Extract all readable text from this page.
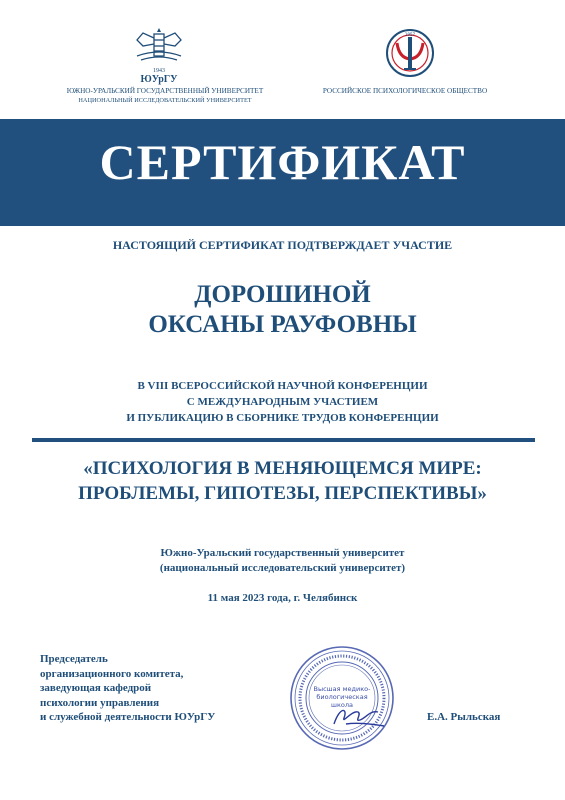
1943
ЮУрГУ
1957
ЮЖНО-УРАЛЬСКИЙ ГОСУДАРСТВЕННЫЙ УНИВЕРСИТЕТ
НАЦИОНАЛЬНЫЙ ИССЛЕДОВАТЕЛЬСКИЙ УНИВЕРСИТЕТ
РОССИЙСКОЕ ПСИХОЛОГИЧЕСКОЕ ОБЩЕСТВО
СЕРТИФИКАТ
НАСТОЯЩИЙ СЕРТИФИКАТ ПОДТВЕРЖДАЕТ УЧАСТИЕ
ДОРОШИНОЙ
ОКСАНЫ РАУФОВНЫ
В VIII ВСЕРОССИЙСКОЙ НАУЧНОЙ КОНФЕРЕНЦИИ
С МЕЖДУНАРОДНЫМ УЧАСТИЕМ
И ПУБЛИКАЦИЮ В СБОРНИКЕ ТРУДОВ КОНФЕРЕНЦИИ
«ПСИХОЛОГИЯ В МЕНЯЮЩЕМСЯ МИРЕ:
ПРОБЛЕМЫ, ГИПОТЕЗЫ, ПЕРСПЕКТИВЫ»
Южно-Уральский государственный университет
(национальный исследовательский университет)
11 мая 2023 года, г. Челябинск
Председатель
организационного комитета,
заведующая кафедрой
психологии управления
и служебной деятельности ЮУрГУ
Высшая медико-
биологическая
школа
Е.А. Рыльская
